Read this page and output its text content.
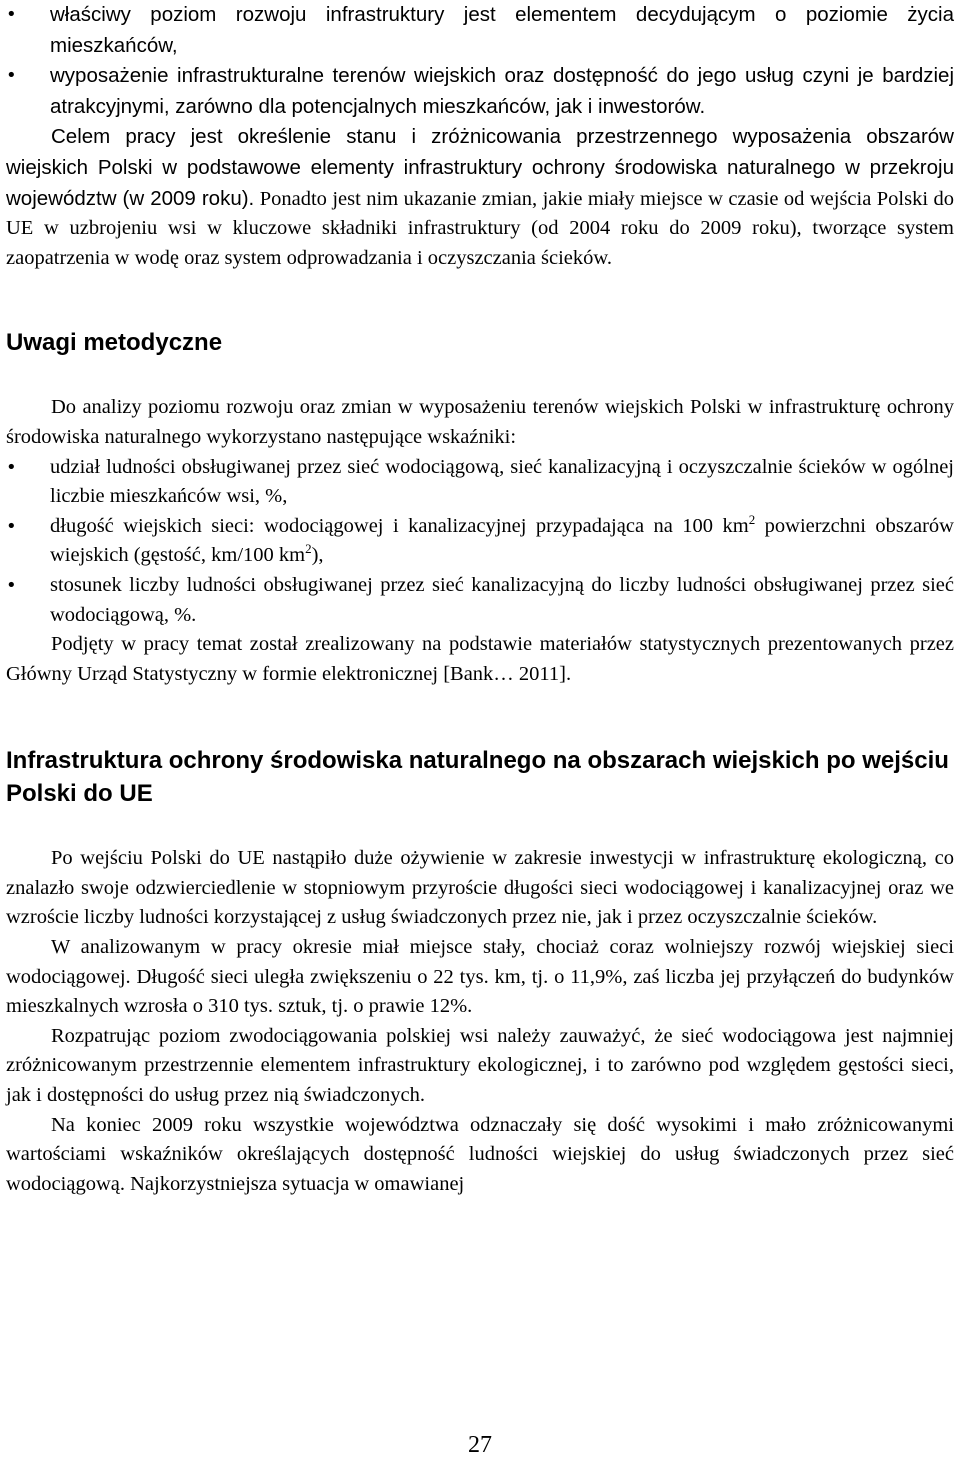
•	właściwy poziom rozwoju infrastruktury jest elementem decydującym o poziomie życia mieszkańców,
•	wyposażenie infrastrukturalne terenów wiejskich oraz dostępność do jego usług czyni je bardziej atrakcyjnymi, zarówno dla potencjalnych mieszkańców, jak i inwestorów.

Celem pracy jest określenie stanu i zróżnicowania przestrzennego wyposażenia obszarów wiejskich Polski w podstawowe elementy infrastruktury ochrony środowiska naturalnego w przekroju województw (w 2009 roku). Ponadto jest nim ukazanie zmian, jakie miały miejsce w czasie od wejścia Polski do UE w uzbrojeniu wsi w kluczowe składniki infrastruktury (od 2004 roku do 2009 roku), tworzące system zaopatrzenia w wodę oraz system odprowadzania i oczyszczania ścieków.

Uwagi metodyczne

Do analizy poziomu rozwoju oraz zmian w wyposażeniu terenów wiejskich Polski w infrastrukturę ochrony środowiska naturalnego wykorzystano następujące wskaźniki:

•	udział ludności obsługiwanej przez sieć wodociągową, sieć kanalizacyjną i oczyszczalnie ścieków w ogólnej liczbie mieszkańców wsi, %,
•	długość wiejskich sieci: wodociągowej i kanalizacyjnej przypadająca na 100 $km^2$ powierzchni obszarów wiejskich (gęstość, km/100 $km^2$),
•	stosunek liczby ludności obsługiwanej przez sieć kanalizacyjną do liczby ludności obsługiwanej przez sieć wodociągową, %.

Podjęty w pracy temat został zrealizowany na podstawie materiałów statystycznych prezentowanych przez Główny Urząd Statystyczny w formie elektronicznej [Bank… 2011].

Infrastruktura ochrony środowiska naturalnego na obszarach wiejskich po wejściu Polski do UE

Po wejściu Polski do UE nastąpiło duże ożywienie w zakresie inwestycji w infrastrukturę ekologiczną, co znalazło swoje odzwierciedlenie w stopniowym przyroście długości sieci wodociągowej i kanalizacyjnej oraz we wzroście liczby ludności korzystającej z usług świadczonych przez nie, jak i przez oczyszczalnie ścieków.

W analizowanym w pracy okresie miał miejsce stały, chociaż coraz wolniejszy rozwój wiejskiej sieci wodociągowej. Długość sieci uległa zwiększeniu o 22 tys. km, tj. o 11,9%, zaś liczba jej przyłączeń do budynków mieszkalnych wzrosła o 310 tys. sztuk, tj. o prawie 12%.

Rozpatrując poziom zwodociągowania polskiej wsi należy zauważyć, że sieć wodociągowa jest najmniej zróżnicowanym przestrzennie elementem infrastruktury ekologicznej, i to zarówno pod względem gęstości sieci, jak i dostępności do usług przez nią świadczonych.

Na koniec 2009 roku wszystkie województwa odznaczały się dość wysokimi i mało zróżnicowanymi wartościami wskaźników określających dostępność ludności wiejskiej do usług świadczonych przez sieć wodociągową. Najkorzystniejsza sytuacja w omawianej

27
